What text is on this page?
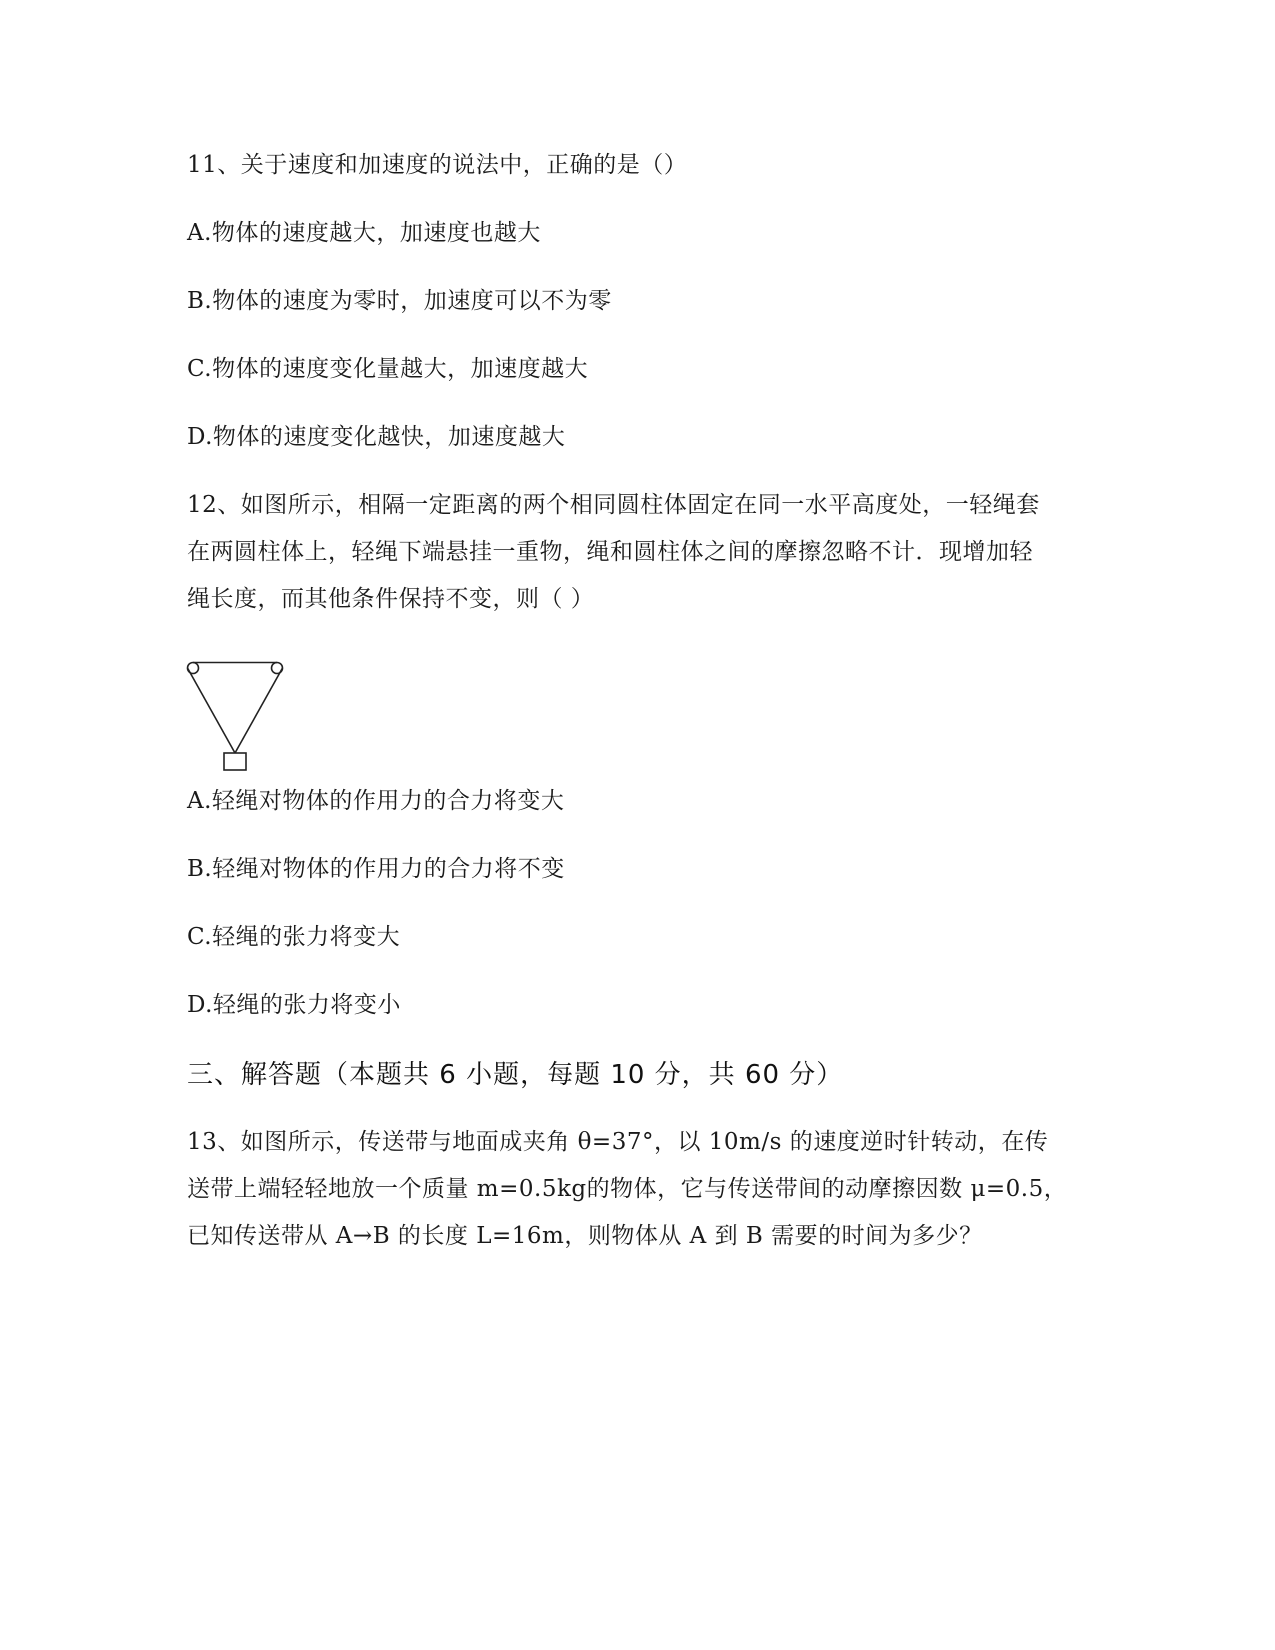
11、关于速度和加速度的说法中，正确的是（）
A.物体的速度越大，加速度也越大
B.物体的速度为零时，加速度可以不为零
C.物体的速度变化量越大，加速度越大
D.物体的速度变化越快，加速度越大
12、如图所示，相隔一定距离的两个相同圆柱体固定在同一水平高度处，一轻绳套
在两圆柱体上，轻绳下端悬挂一重物，绳和圆柱体之间的摩擦忽略不计．现增加轻
绳长度，而其他条件保持不变，则（ ）
A.轻绳对物体的作用力的合力将变大
B.轻绳对物体的作用力的合力将不变
C.轻绳的张力将变大
D.轻绳的张力将变小
三、解答题（本题共 6 小题，每题 10 分，共 60 分）
13、如图所示，传送带与地面成夹角 θ=37°，以 10m/s 的速度逆时针转动，在传
送带上端轻轻地放一个质量 m=0.5kg的物体，它与传送带间的动摩擦因数 μ=0.5，
已知传送带从 A→B 的长度 L=16m，则物体从 A 到 B 需要的时间为多少？
